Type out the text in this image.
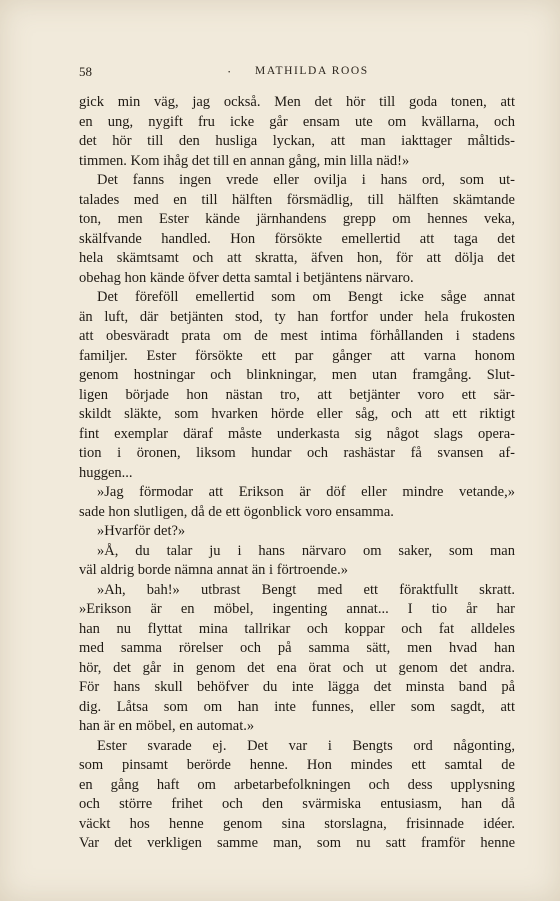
58	· MATHILDA ROOS
gick min väg, jag också. Men det hör till goda tonen, att
en ung, nygift fru icke går ensam ute om kvällarna, och
det hör till den husliga lyckan, att man iakttager måltids-
timmen. Kom ihåg det till en annan gång, min lilla näd!»
Det fanns ingen vrede eller ovilja i hans ord, som ut-
talades med en till hälften försmädlig, till hälften skämtande
ton, men Ester kände järnhandens grepp om hennes veka,
skälfvande handled. Hon försökte emellertid att taga det
hela skämtsamt och att skratta, äfven hon, för att dölja det
obehag hon kände öfver detta samtal i betjäntens närvaro.
Det föreföll emellertid som om Bengt icke såge annat
än luft, där betjänten stod, ty han fortfor under hela frukosten
att obesväradt prata om de mest intima förhållanden i stadens
familjer. Ester försökte ett par gånger att varna honom
genom hostningar och blinkningar, men utan framgång. Slut-
ligen började hon nästan tro, att betjänter voro ett sär-
skildt släkte, som hvarken hörde eller såg, och att ett riktigt
fint exemplar däraf måste underkasta sig något slags opera-
tion i öronen, liksom hundar och rashästar få svansen af-
huggen...
»Jag förmodar att Erikson är döf eller mindre vetande,»
sade hon slutligen, då de ett ögonblick voro ensamma.
»Hvarför det?»
»Å, du talar ju i hans närvaro om saker, som man
väl aldrig borde nämna annat än i förtroende.»
»Ah, bah!» utbrast Bengt med ett föraktfullt skratt.
»Erikson är en möbel, ingenting annat... I tio år har
han nu flyttat mina tallrikar och koppar och fat alldeles
med samma rörelser och på samma sätt, men hvad han
hör, det går in genom det ena örat och ut genom det andra.
För hans skull behöfver du inte lägga det minsta band på
dig. Låtsa som om han inte funnes, eller som sagdt, att
han är en möbel, en automat.»
Ester svarade ej. Det var i Bengts ord någonting,
som pinsamt berörde henne. Hon mindes ett samtal de
en gång haft om arbetarbefolkningen och dess upplysning
och större frihet och den svärmiska entusiasm, han då
väckt hos henne genom sina storslagna, frisinnade idéer.
Var det verkligen samme man, som nu satt framför henne
